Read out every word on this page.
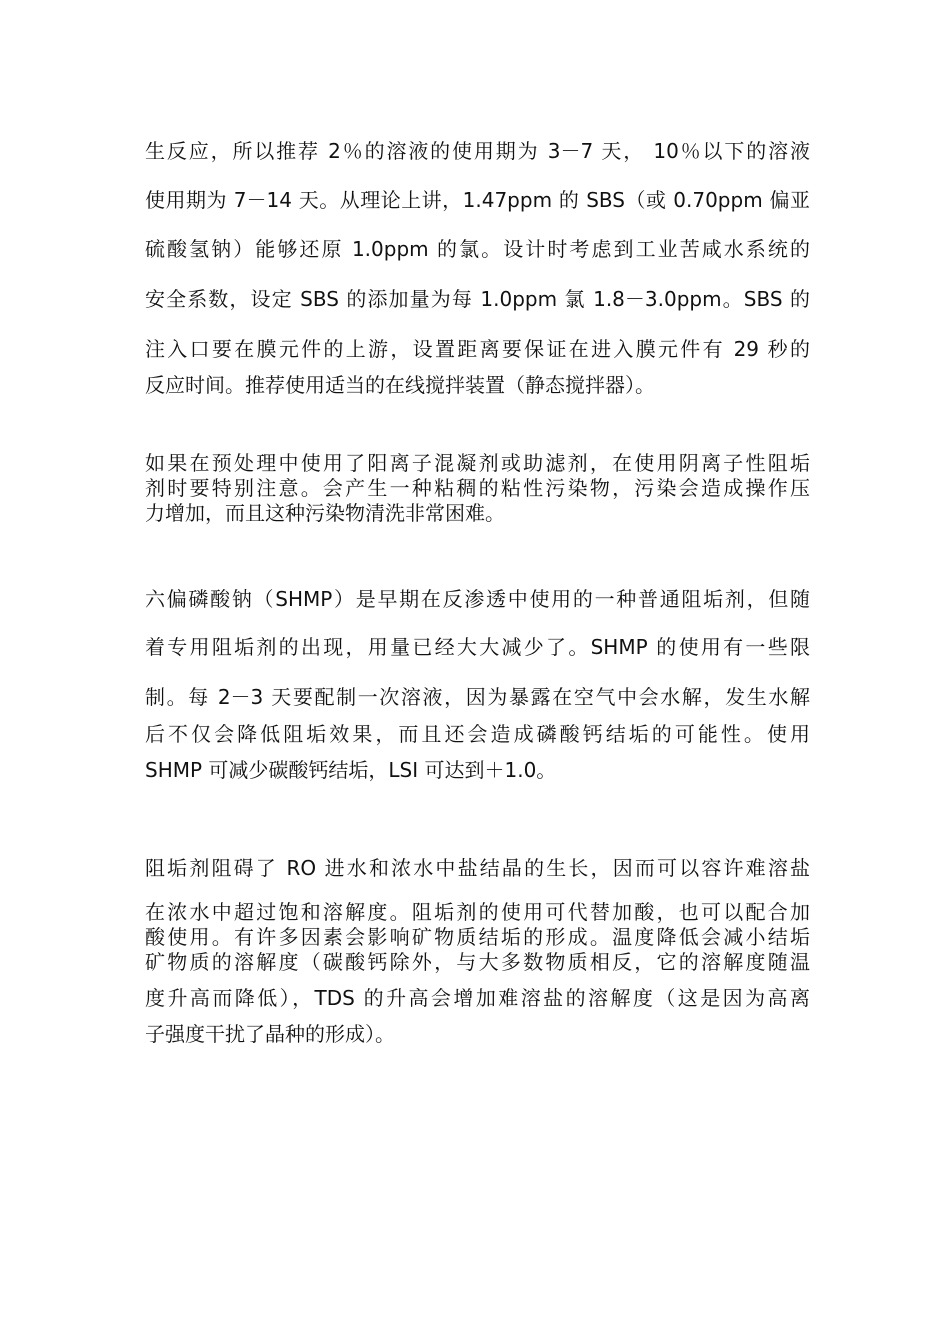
生反应，所以推荐 2％的溶液的使用期为 3－7 天， 10％以下的溶液
使用期为 7－14 天。从理论上讲，1.47ppm 的 SBS（或 0.70ppm 偏亚
硫酸氢钠）能够还原 1.0ppm 的氯。设计时考虑到工业苦咸水系统的
安全系数，设定 SBS 的添加量为每 1.0ppm 氯 1.8－3.0ppm。SBS 的
注入口要在膜元件的上游，设置距离要保证在进入膜元件有 29 秒的
反应时间。推荐使用适当的在线搅拌装置（静态搅拌器）。
如果在预处理中使用了阳离子混凝剂或助滤剂，在使用阴离子性阻垢
剂时要特别注意。会产生一种粘稠的粘性污染物，污染会造成操作压
力增加，而且这种污染物清洗非常困难。
六偏磷酸钠（SHMP）是早期在反渗透中使用的一种普通阻垢剂，但随
着专用阻垢剂的出现，用量已经大大减少了。SHMP 的使用有一些限
制。每 2－3 天要配制一次溶液，因为暴露在空气中会水解，发生水解
后不仅会降低阻垢效果，而且还会造成磷酸钙结垢的可能性。使用
SHMP 可减少碳酸钙结垢，LSI 可达到＋1.0。
阻垢剂阻碍了 RO 进水和浓水中盐结晶的生长，因而可以容许难溶盐
在浓水中超过饱和溶解度。阻垢剂的使用可代替加酸，也可以配合加
酸使用。有许多因素会影响矿物质结垢的形成。温度降低会减小结垢
矿物质的溶解度（碳酸钙除外，与大多数物质相反，它的溶解度随温
度升高而降低），TDS 的升高会增加难溶盐的溶解度（这是因为高离
子强度干扰了晶种的形成）。
